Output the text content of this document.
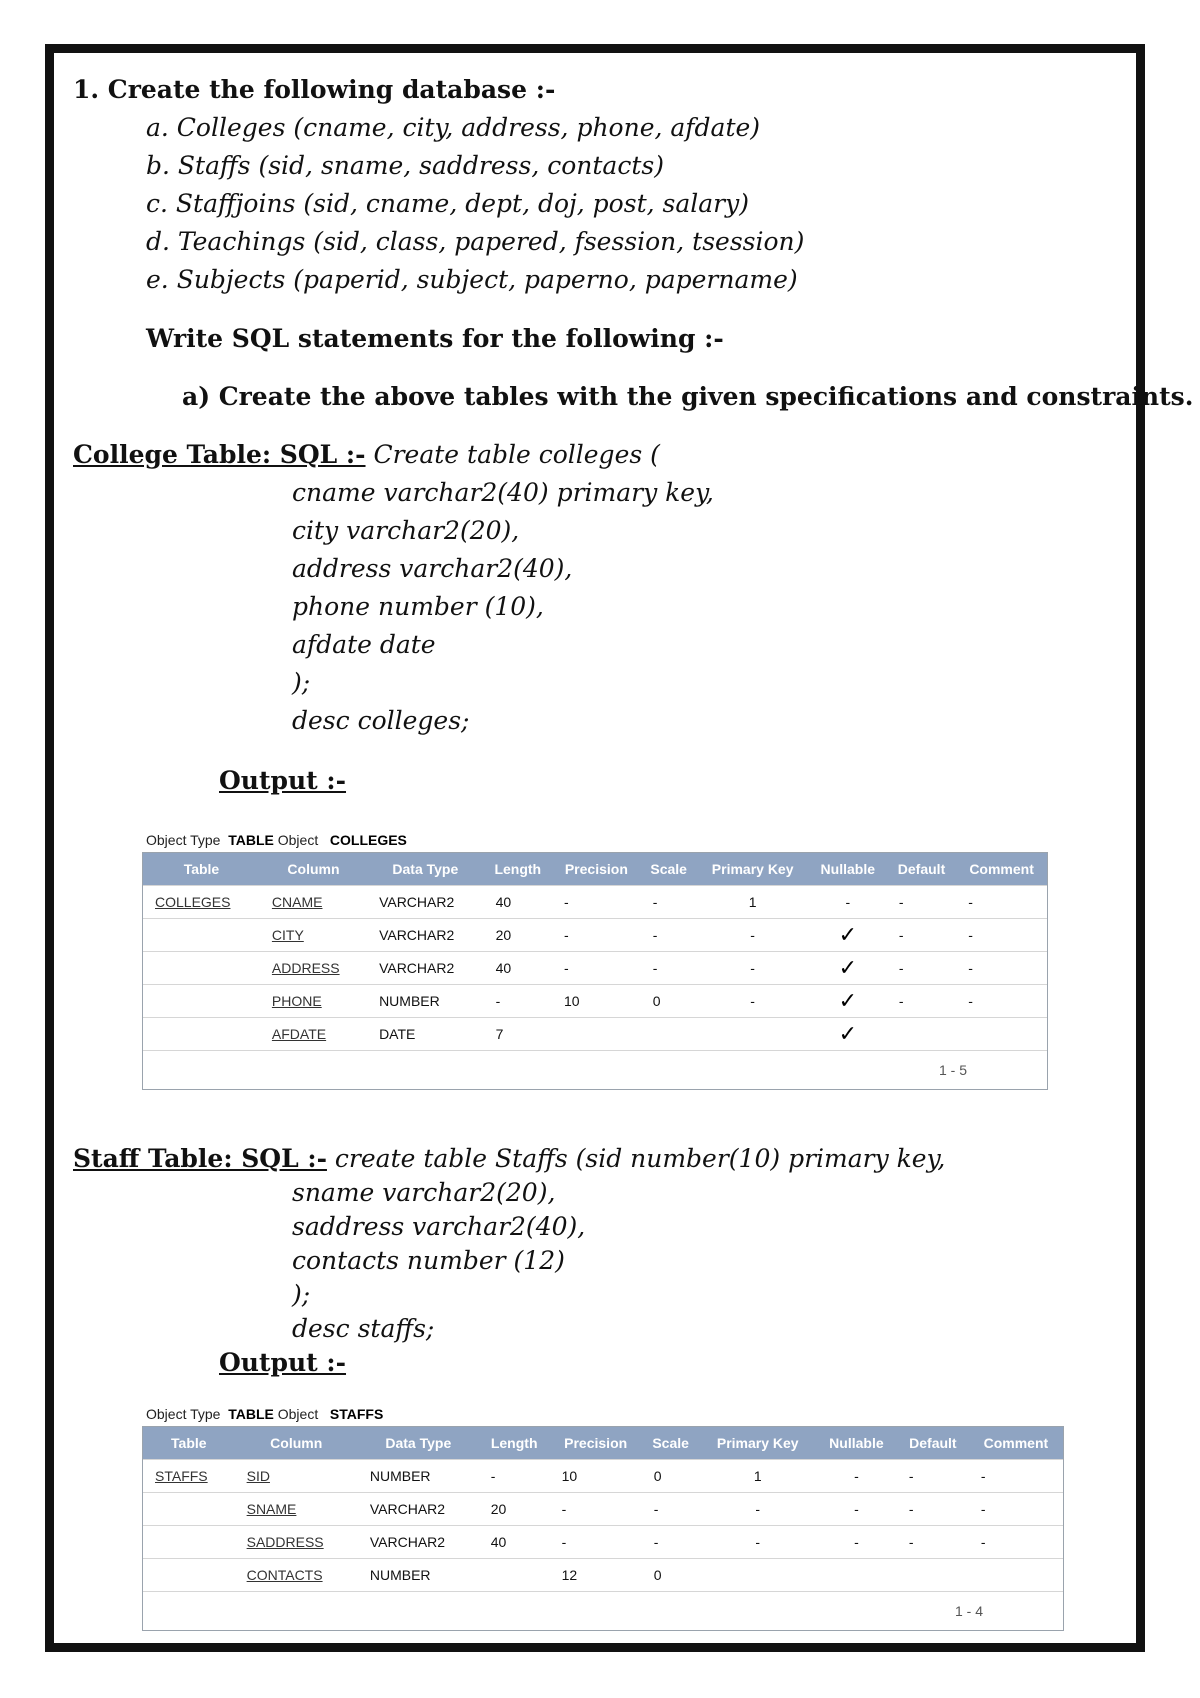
1. Create the following database :-
a. Colleges (cname, city, address, phone, afdate)
b. Staffs (sid, sname, saddress, contacts)
c. Staffjoins (sid, cname, dept, doj, post, salary)
d. Teachings (sid, class, papered, fsession, tsession)
e. Subjects (paperid, subject, paperno, papername)
Write SQL statements for the following :-
a) Create the above tables with the given specifications and constraints.
College Table: SQL :- Create table colleges (
cname varchar2(40) primary key,
city varchar2(20),
address varchar2(40),
phone number (10),
afdate date
);
desc colleges;
Output :-
Object Type TABLE Object COLLEGES
Table	Column	Data Type	Length	Precision	Scale	Primary Key	Nullable	Default	Comment
COLLEGES	CNAME	VARCHAR2	40	-	-	1	-	-	-
	CITY	VARCHAR2	20	-	-	-	✓	-	-
	ADDRESS	VARCHAR2	40	-	-	-	✓	-	-
	PHONE	NUMBER	-	10	0	-	✓	-	-
	AFDATE	DATE	7				✓		
1 - 5									
Staff Table: SQL :- create table Staffs (sid number(10) primary key,
sname varchar2(20),
saddress varchar2(40),
contacts number (12)
);
desc staffs;
Output :-
Object Type TABLE Object STAFFS
Table	Column	Data Type	Length	Precision	Scale	Primary Key	Nullable	Default	Comment
STAFFS	SID	NUMBER	-	10	0	1	-	-	-
	SNAME	VARCHAR2	20	-	-	-	-	-	-
	SADDRESS	VARCHAR2	40	-	-	-	-	-	-
	CONTACTS	NUMBER		12	0				
1 - 4									
